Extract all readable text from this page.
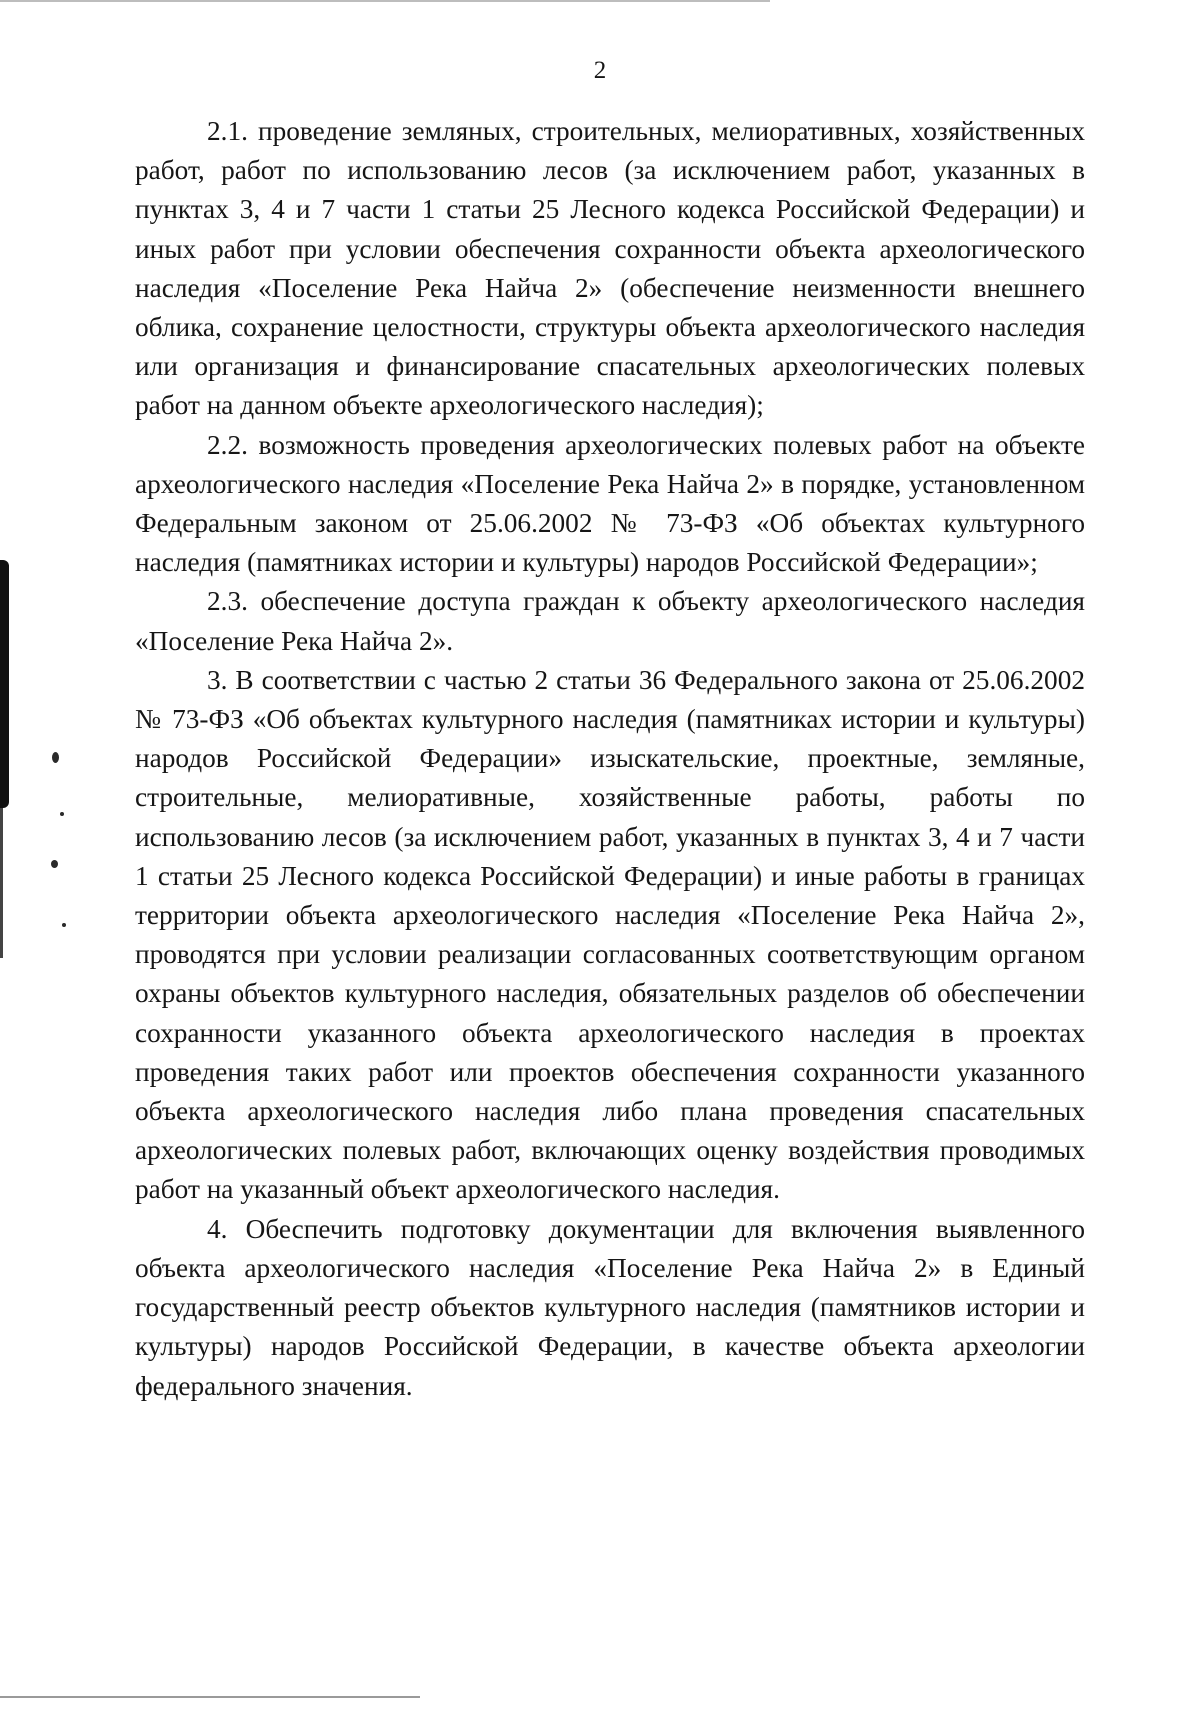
2

2.1. проведение земляных, строительных, мелиоративных, хозяйственных работ, работ по использованию лесов (за исключением работ, указанных в пунктах 3, 4 и 7 части 1 статьи 25 Лесного кодекса Российской Федерации) и иных работ при условии обеспечения сохранности объекта археологического наследия «Поселение Река Найча 2» (обеспечение неизменности внешнего облика, сохранение целостности, структуры объекта археологического наследия или организация и финансирование спасательных археологических полевых работ на данном объекте археологического наследия);

2.2. возможность проведения археологических полевых работ на объекте археологического наследия «Поселение Река Найча 2» в порядке, установленном Федеральным законом от 25.06.2002 № 73-ФЗ «Об объектах культурного наследия (памятниках истории и культуры) народов Российской Федерации»;

2.3. обеспечение доступа граждан к объекту археологического наследия «Поселение Река Найча 2».

3. В соответствии с частью 2 статьи 36 Федерального закона от 25.06.2002 № 73-ФЗ «Об объектах культурного наследия (памятниках истории и культуры) народов Российской Федерации» изыскательские, проектные, земляные, строительные, мелиоративные, хозяйственные работы, работы по использованию лесов (за исключением работ, указанных в пунктах 3, 4 и 7 части 1 статьи 25 Лесного кодекса Российской Федерации) и иные работы в границах территории объекта археологического наследия «Поселение Река Найча 2», проводятся при условии реализации согласованных соответствующим органом охраны объектов культурного наследия, обязательных разделов об обеспечении сохранности указанного объекта археологического наследия в проектах проведения таких работ или проектов обеспечения сохранности указанного объекта археологического наследия либо плана проведения спасательных археологических полевых работ, включающих оценку воздействия проводимых работ на указанный объект археологического наследия.

4. Обеспечить подготовку документации для включения выявленного объекта археологического наследия «Поселение Река Найча 2» в Единый государственный реестр объектов культурного наследия (памятников истории и культуры) народов Российской Федерации, в качестве объекта археологии федерального значения.
